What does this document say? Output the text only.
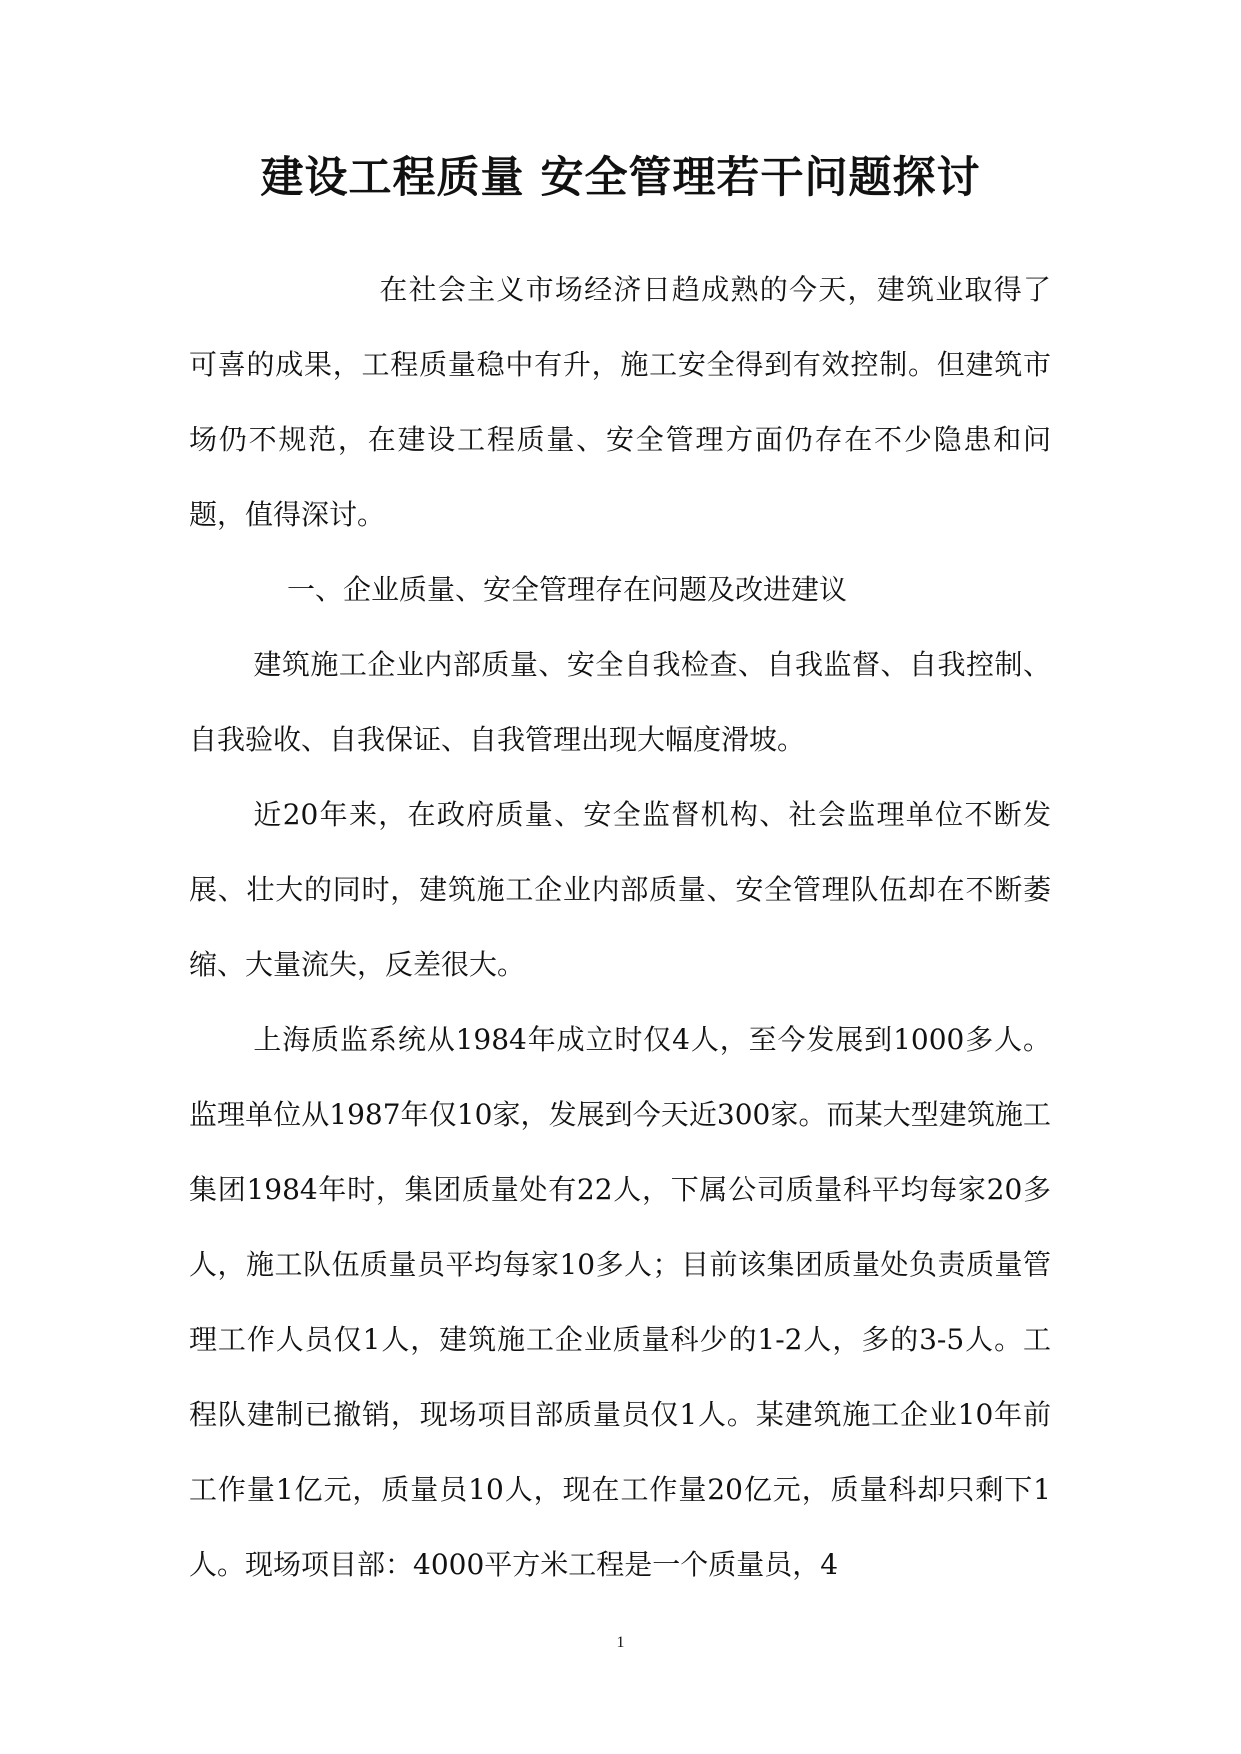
建设工程质量 安全管理若干问题探讨

在社会主义市场经济日趋成熟的今天，建筑业取得了可喜的成果，工程质量稳中有升，施工安全得到有效控制。但建筑市场仍不规范，在建设工程质量、安全管理方面仍存在不少隐患和问题，值得深讨。

一、企业质量、安全管理存在问题及改进建议

建筑施工企业内部质量、安全自我检查、自我监督、自我控制、自我验收、自我保证、自我管理出现大幅度滑坡。

近20年来，在政府质量、安全监督机构、社会监理单位不断发展、壮大的同时，建筑施工企业内部质量、安全管理队伍却在不断萎缩、大量流失，反差很大。

上海质监系统从1984年成立时仅4人，至今发展到1000多人。监理单位从1987年仅10家，发展到今天近300家。而某大型建筑施工集团1984年时，集团质量处有22人，下属公司质量科平均每家20多人，施工队伍质量员平均每家10多人；目前该集团质量处负责质量管理工作人员仅1人，建筑施工企业质量科少的1-2人，多的3-5人。工程队建制已撤销，现场项目部质量员仅1人。某建筑施工企业10年前工作量1亿元，质量员10人，现在工作量20亿元，质量科却只剩下1人。现场项目部：4000平方米工程是一个质量员，4

1
